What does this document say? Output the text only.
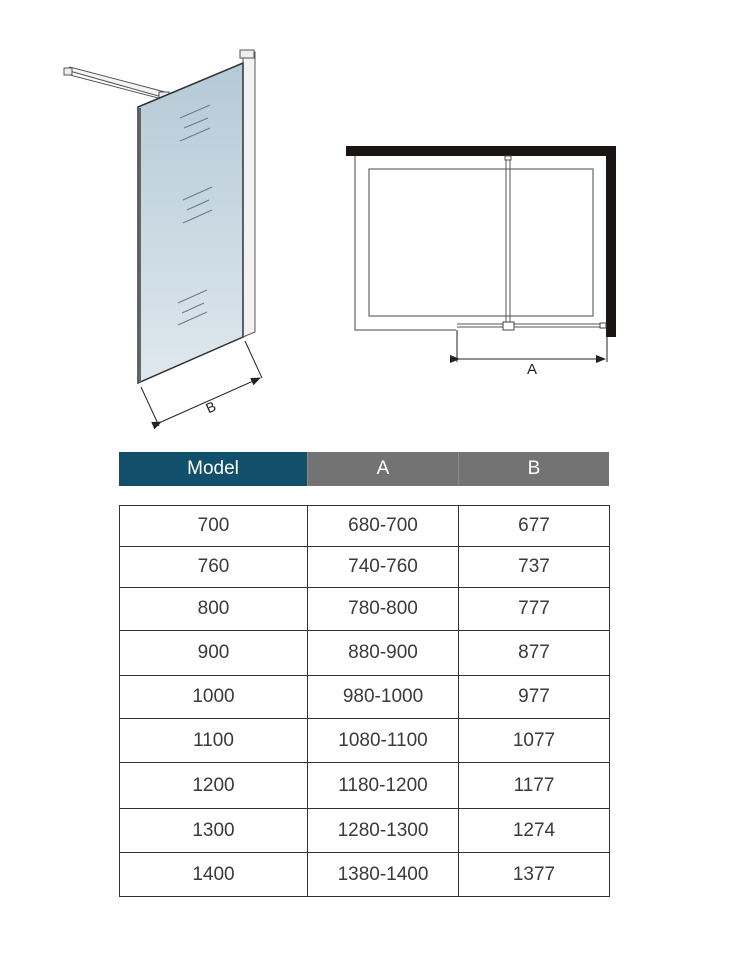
B
A
Model	A	B
700	680-700	677
760	740-760	737
800	780-800	777
900	880-900	877
1000	980-1000	977
1100	1080-1100	1077
1200	1180-1200	1177
1300	1280-1300	1274
1400	1380-1400	1377
